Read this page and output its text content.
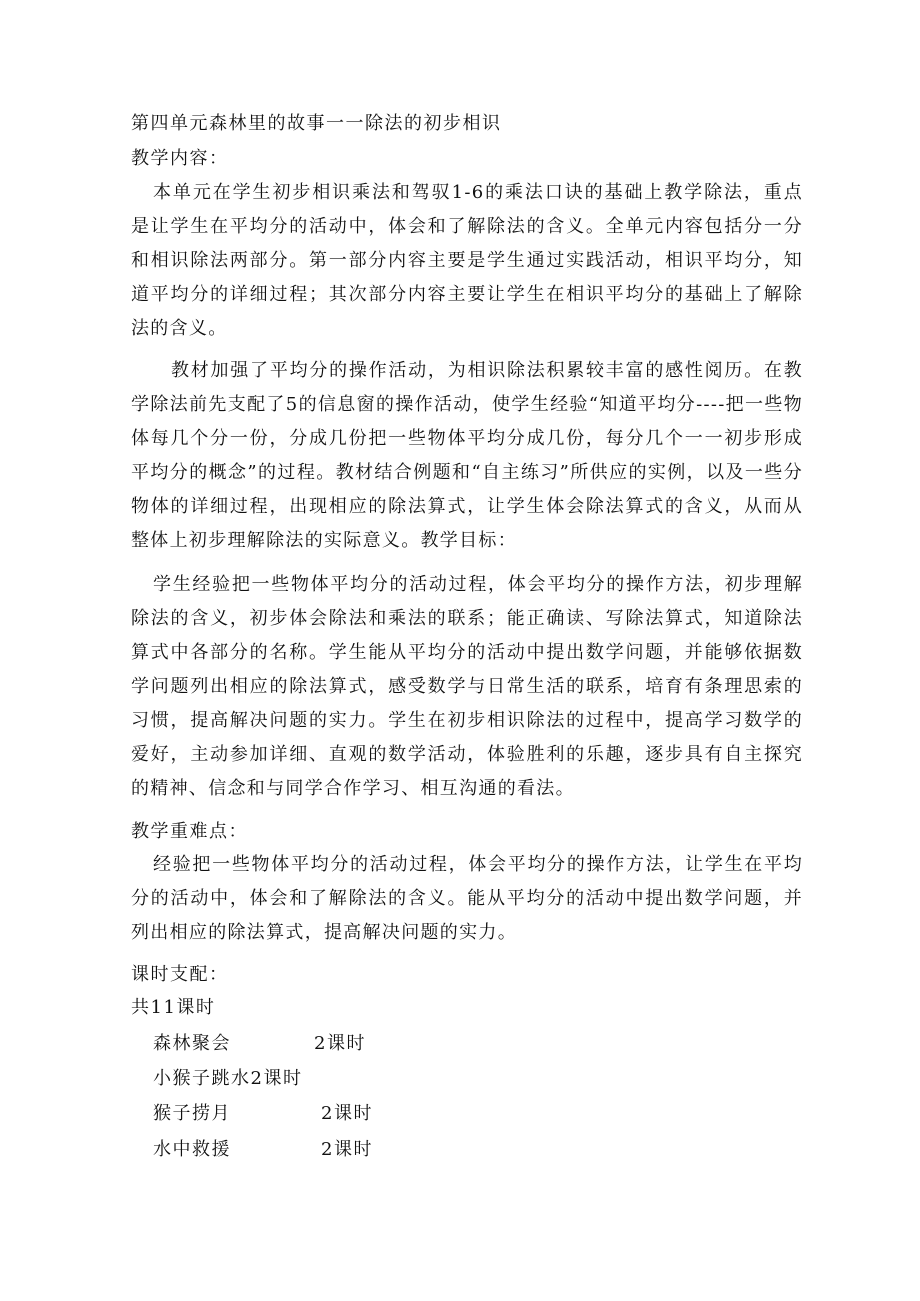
第四单元森林里的故事一一除法的初步相识
教学内容：
本单元在学生初步相识乘法和驾驭1-6的乘法口诀的基础上教学除法，重点是让学生在平均分的活动中，体会和了解除法的含义。全单元内容包括分一分和相识除法两部分。第一部分内容主要是学生通过实践活动，相识平均分，知道平均分的详细过程；其次部分内容主要让学生在相识平均分的基础上了解除法的含义。
教材加强了平均分的操作活动，为相识除法积累较丰富的感性阅历。在教学除法前先支配了5的信息窗的操作活动，使学生经验“知道平均分----把一些物体每几个分一份，分成几份把一些物体平均分成几份，每分几个一一初步形成平均分的概念”的过程。教材结合例题和“自主练习”所供应的实例，以及一些分物体的详细过程，出现相应的除法算式，让学生体会除法算式的含义，从而从整体上初步理解除法的实际意义。教学目标：
学生经验把一些物体平均分的活动过程，体会平均分的操作方法，初步理解除法的含义，初步体会除法和乘法的联系；能正确读、写除法算式，知道除法算式中各部分的名称。学生能从平均分的活动中提出数学问题，并能够依据数学问题列出相应的除法算式，感受数学与日常生活的联系，培育有条理思索的习惯，提高解决问题的实力。学生在初步相识除法的过程中，提高学习数学的爱好，主动参加详细、直观的数学活动，体验胜利的乐趣，逐步具有自主探究的精神、信念和与同学合作学习、相互沟通的看法。
教学重难点：
经验把一些物体平均分的活动过程，体会平均分的操作方法，让学生在平均分的活动中，体会和了解除法的含义。能从平均分的活动中提出数学问题，并列出相应的除法算式，提高解决问题的实力。
课时支配：
共11课时
森林聚会	2课时
小猴子跳水2课时
猴子捞月	2课时
水中救援	2课时
